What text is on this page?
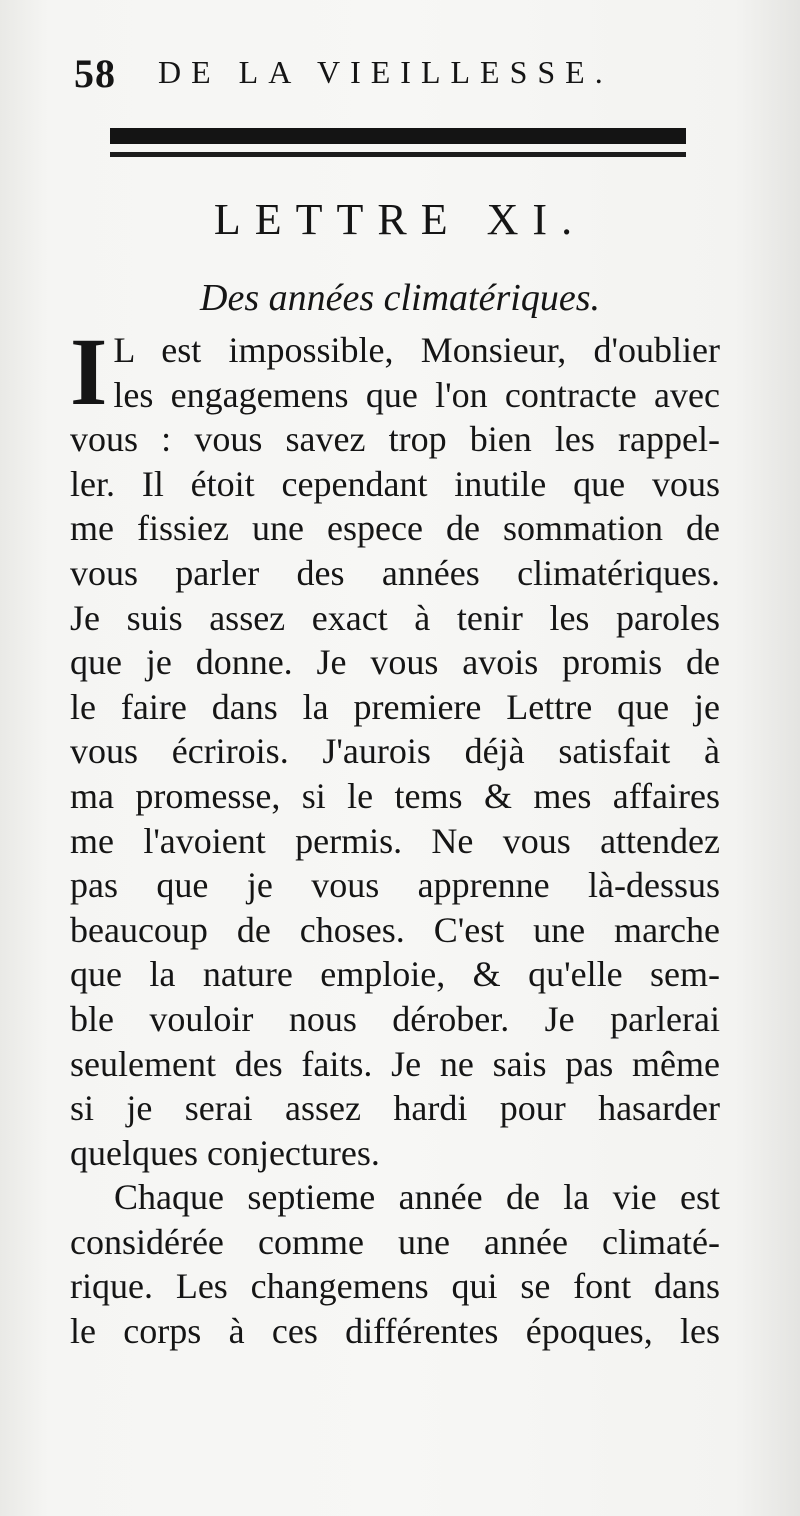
58 DE LA VIEILLESSE.
LETTRE XI.
Des années climatériques.
I L est impossible, Monsieur, d'oublier
les engagemens que l'on contracte avec
vous : vous savez trop bien les rappel-
ler. Il étoit cependant inutile que vous
me fissiez une espece de sommation de
vous parler des années climatériques.
Je suis assez exact à tenir les paroles
que je donne. Je vous avois promis de
le faire dans la premiere Lettre que je
vous écrirois. J'aurois déjà satisfait à
ma promesse, si le tems & mes affaires
me l'avoient permis. Ne vous attendez
pas que je vous apprenne là-dessus
beaucoup de choses. C'est une marche
que la nature emploie, & qu'elle sem-
ble vouloir nous dérober. Je parlerai
seulement des faits. Je ne sais pas même
si je serai assez hardi pour hasarder
quelques conjectures.
Chaque septieme année de la vie est
considérée comme une année climaté-
rique. Les changemens qui se font dans
le corps à ces différentes époques, les
